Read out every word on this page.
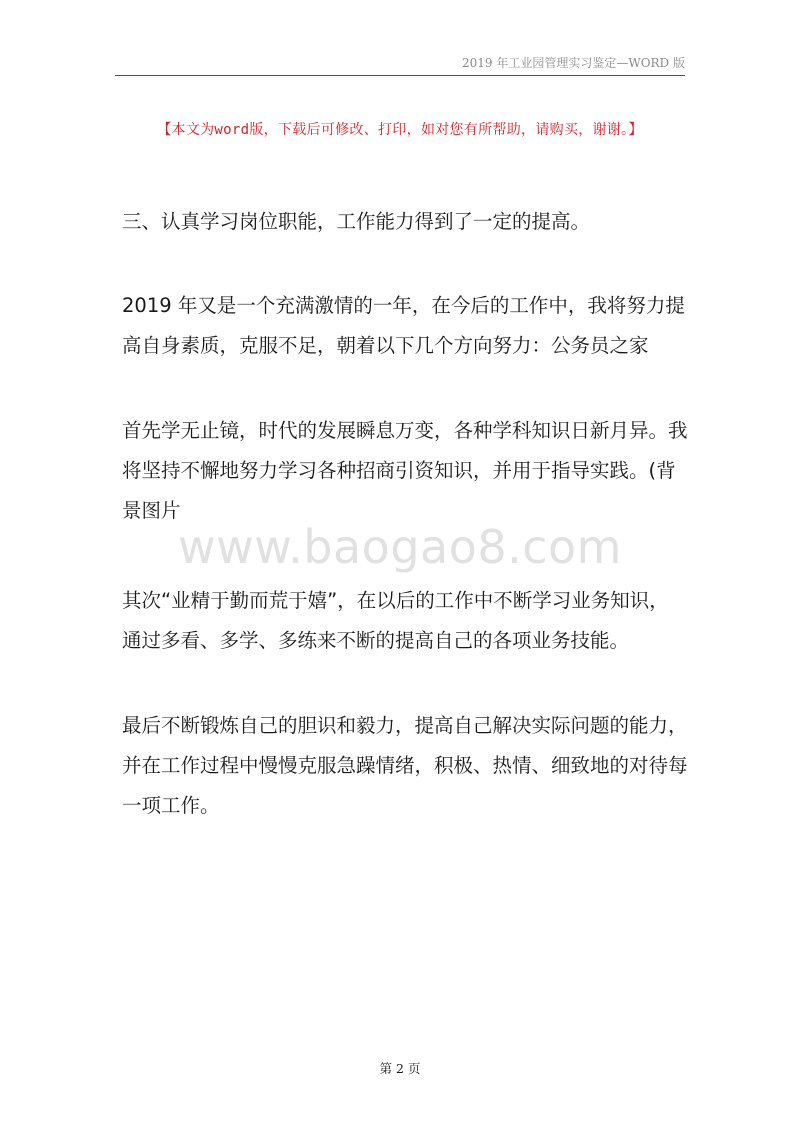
2019 年工业园管理实习鉴定—WORD 版
【本文为word版，下载后可修改、打印，如对您有所帮助，请购买，谢谢。】

三、认真学习岗位职能，工作能力得到了一定的提高。

2019 年又是一个充满激情的一年，在今后的工作中，我将努力提高自身素质，克服不足，朝着以下几个方向努力：公务员之家

首先学无止镜，时代的发展瞬息万变，各种学科知识日新月异。我将坚持不懈地努力学习各种招商引资知识，并用于指导实践。(背景图片

www.baogao8.com

其次“业精于勤而荒于嬉”，在以后的工作中不断学习业务知识，通过多看、多学、多练来不断的提高自己的各项业务技能。

最后不断锻炼自己的胆识和毅力，提高自己解决实际问题的能力，并在工作过程中慢慢克服急躁情绪，积极、热情、细致地的对待每一项工作。

第 2 页
